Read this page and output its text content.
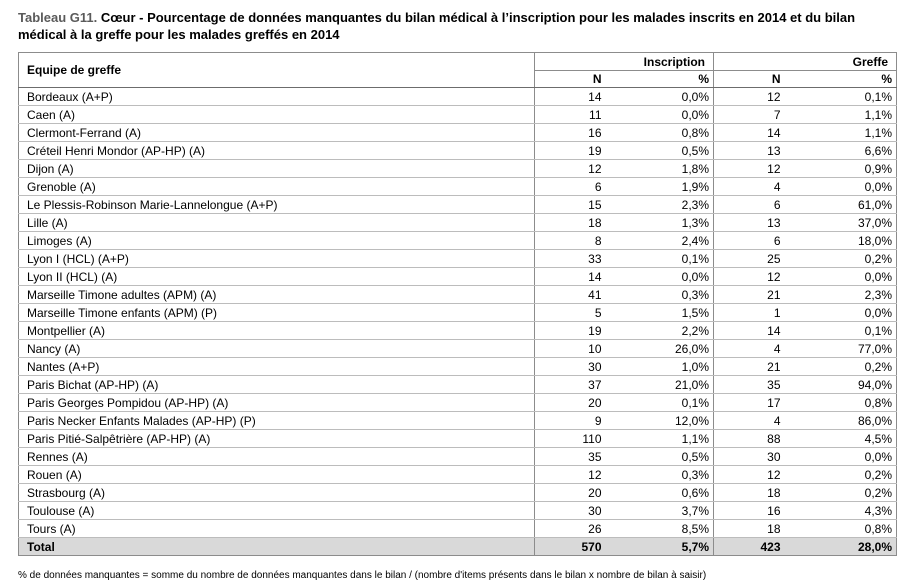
Tableau G11. Cœur - Pourcentage de données manquantes du bilan médical à l’inscription pour les malades inscrits en 2014 et du bilan médical à la greffe pour les malades greffés en 2014
Equipe de greffe	Inscription		Greffe	
	N	%	N	%
Bordeaux (A+P)	14	0,0%	12	0,1%
Caen (A)	11	0,0%	7	1,1%
Clermont-Ferrand (A)	16	0,8%	14	1,1%
Créteil Henri Mondor (AP-HP) (A)	19	0,5%	13	6,6%
Dijon (A)	12	1,8%	12	0,9%
Grenoble (A)	6	1,9%	4	0,0%
Le Plessis-Robinson Marie-Lannelongue (A+P)	15	2,3%	6	61,0%
Lille (A)	18	1,3%	13	37,0%
Limoges (A)	8	2,4%	6	18,0%
Lyon I (HCL) (A+P)	33	0,1%	25	0,2%
Lyon II (HCL) (A)	14	0,0%	12	0,0%
Marseille Timone adultes (APM) (A)	41	0,3%	21	2,3%
Marseille Timone enfants (APM) (P)	5	1,5%	1	0,0%
Montpellier (A)	19	2,2%	14	0,1%
Nancy (A)	10	26,0%	4	77,0%
Nantes (A+P)	30	1,0%	21	0,2%
Paris Bichat (AP-HP) (A)	37	21,0%	35	94,0%
Paris Georges Pompidou (AP-HP) (A)	20	0,1%	17	0,8%
Paris Necker Enfants Malades (AP-HP) (P)	9	12,0%	4	86,0%
Paris Pitié-Salpêtrière (AP-HP) (A)	110	1,1%	88	4,5%
Rennes (A)	35	0,5%	30	0,0%
Rouen (A)	12	0,3%	12	0,2%
Strasbourg (A)	20	0,6%	18	0,2%
Toulouse (A)	30	3,7%	16	4,3%
Tours (A)	26	8,5%	18	0,8%
Total	570	5,7%	423	28,0%
% de données manquantes = somme du nombre de données manquantes dans le bilan / (nombre d'items présents dans le bilan x nombre de bilan à saisir)
